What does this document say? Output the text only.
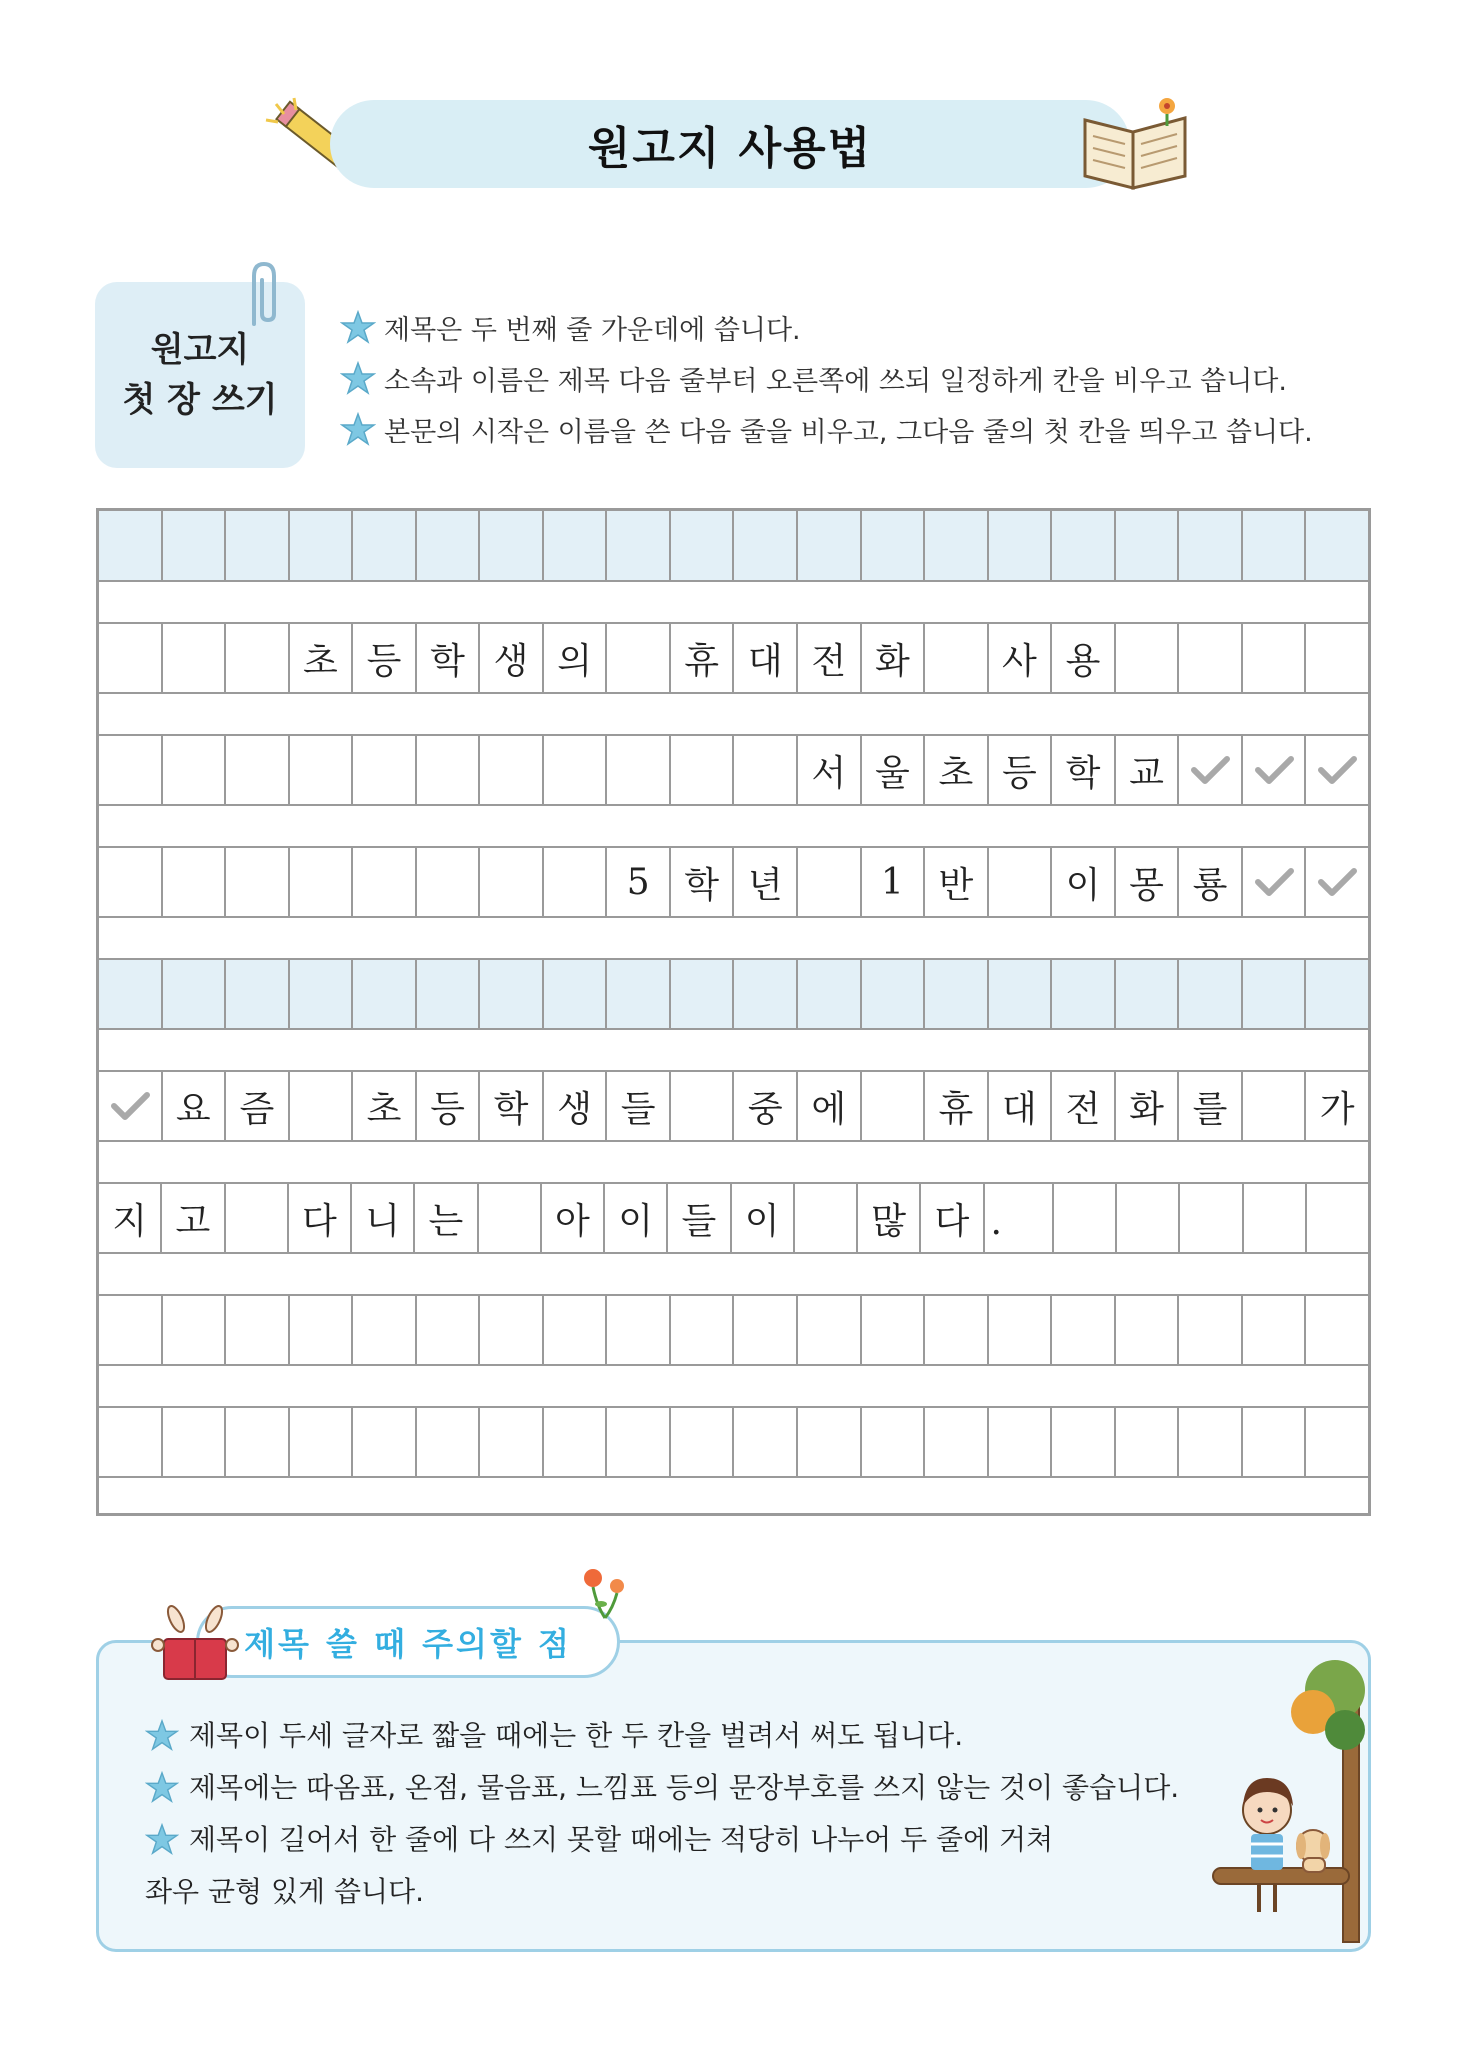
원고지 사용법
원고지
첫 장 쓰기
제목은 두 번째 줄 가운데에 씁니다.
소속과 이름은 제목 다음 줄부터 오른쪽에 쓰되 일정하게 칸을 비우고 씁니다.
본문의 시작은 이름을 쓴 다음 줄을 비우고, 그다음 줄의 첫 칸을 띄우고 씁니다.
초 등 학 생 의	휴 대 전 화	사 용
서 울 초 등 학 교
5 학 년	1 반	이 몽 룡
요 즘	초 등 학 생 들	중 에	휴 대 전 화 를	가
지 고	다 니 는	아 이 들 이	많 다 .
제목 쓸 때 주의할 점
제목이 두세 글자로 짧을 때에는 한 두 칸을 벌려서 써도 됩니다.
제목에는 따옴표, 온점, 물음표, 느낌표 등의 문장부호를 쓰지 않는 것이 좋습니다.
제목이 길어서 한 줄에 다 쓰지 못할 때에는 적당히 나누어 두 줄에 거쳐
좌우 균형 있게 씁니다.
